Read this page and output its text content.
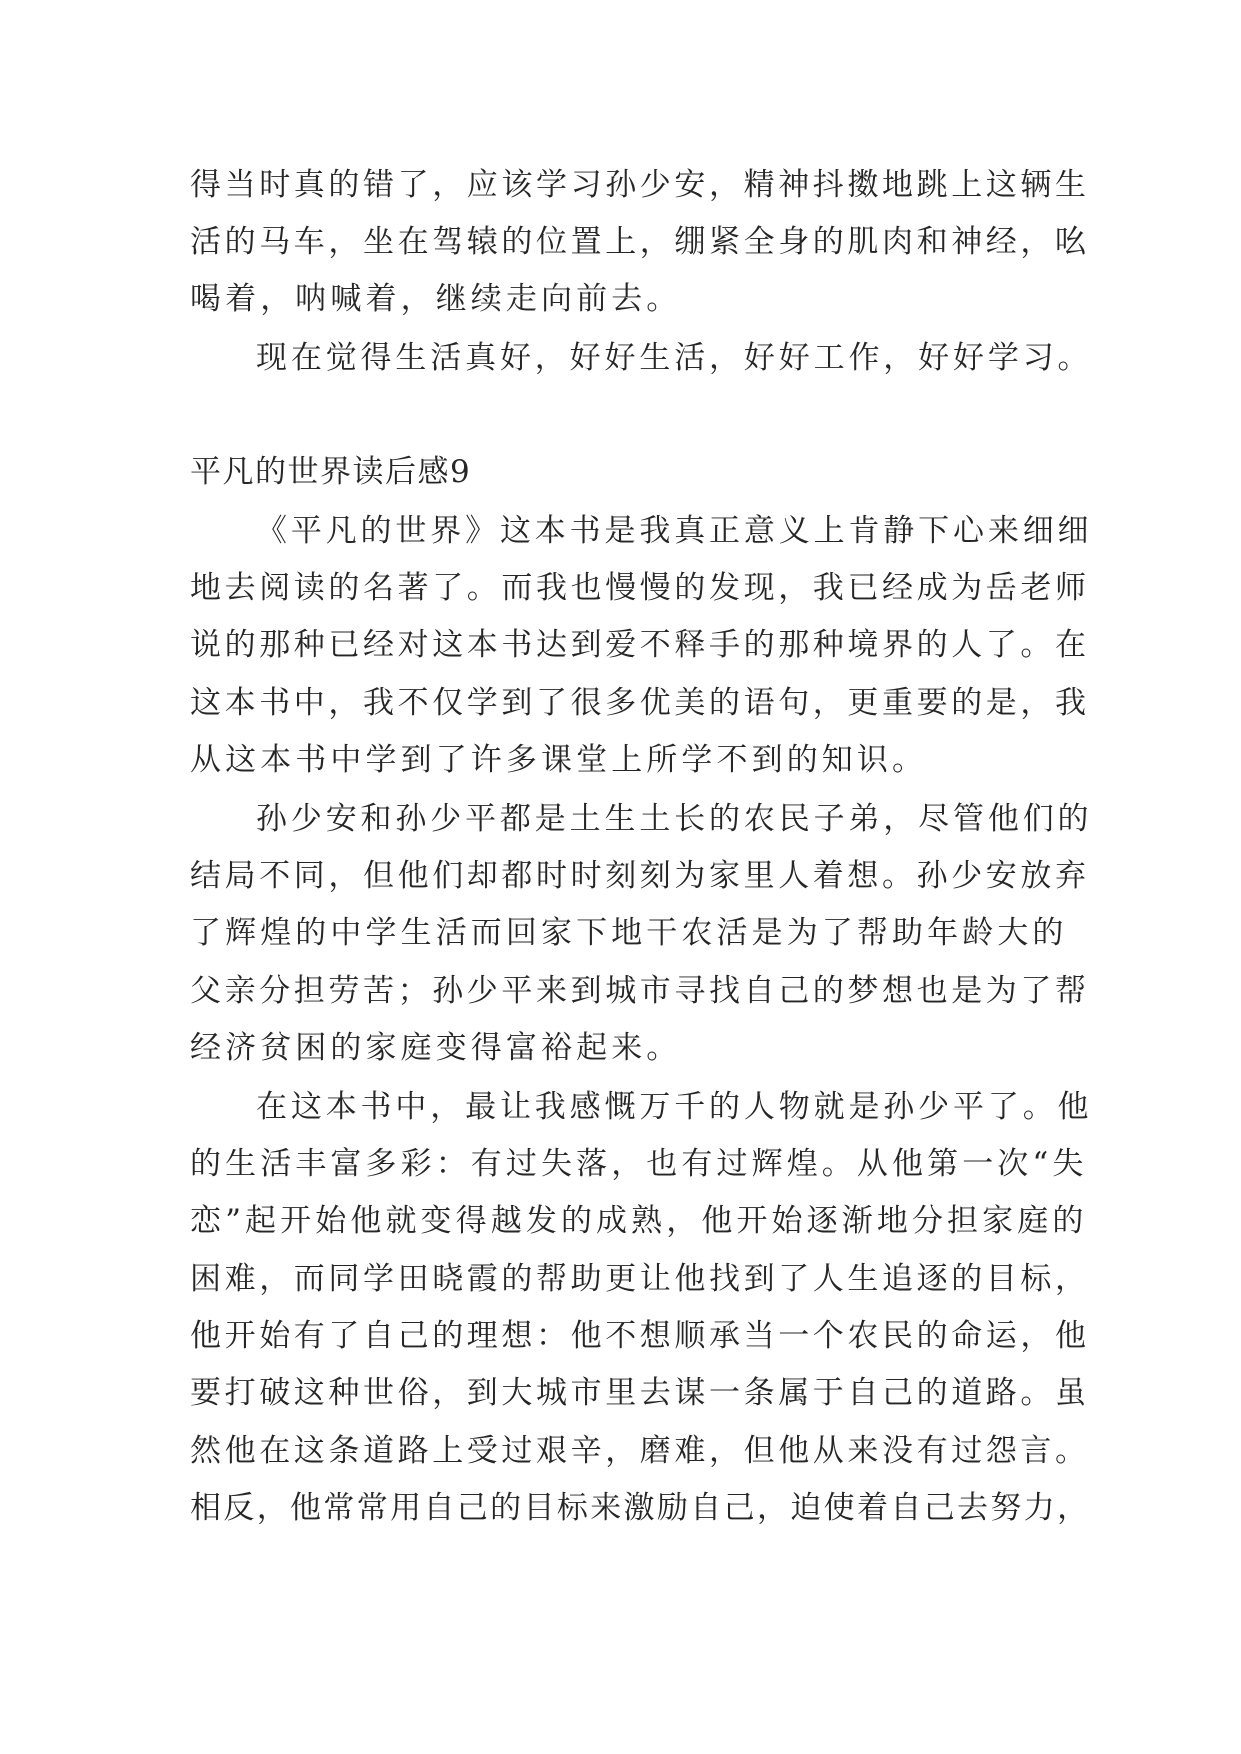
得当时真的错了，应该学习孙少安，精神抖擞地跳上这辆生
活的马车，坐在驾辕的位置上，绷紧全身的肌肉和神经，吆
喝着，呐喊着，继续走向前去。
现在觉得生活真好，好好生活，好好工作，好好学习。
平凡的世界读后感9
《平凡的世界》这本书是我真正意义上肯静下心来细细
地去阅读的名著了。而我也慢慢的发现，我已经成为岳老师
说的那种已经对这本书达到爱不释手的那种境界的人了。在
这本书中，我不仅学到了很多优美的语句，更重要的是，我
从这本书中学到了许多课堂上所学不到的知识。
孙少安和孙少平都是土生土长的农民子弟，尽管他们的
结局不同，但他们却都时时刻刻为家里人着想。孙少安放弃
了辉煌的中学生活而回家下地干农活是为了帮助年龄大的
父亲分担劳苦；孙少平来到城市寻找自己的梦想也是为了帮
经济贫困的家庭变得富裕起来。
在这本书中，最让我感慨万千的人物就是孙少平了。他
的生活丰富多彩：有过失落，也有过辉煌。从他第一次“失
恋”起开始他就变得越发的成熟，他开始逐渐地分担家庭的
困难，而同学田晓霞的帮助更让他找到了人生追逐的目标，
他开始有了自己的理想：他不想顺承当一个农民的命运，他
要打破这种世俗，到大城市里去谋一条属于自己的道路。虽
然他在这条道路上受过艰辛，磨难，但他从来没有过怨言。
相反，他常常用自己的目标来激励自己，迫使着自己去努力，
